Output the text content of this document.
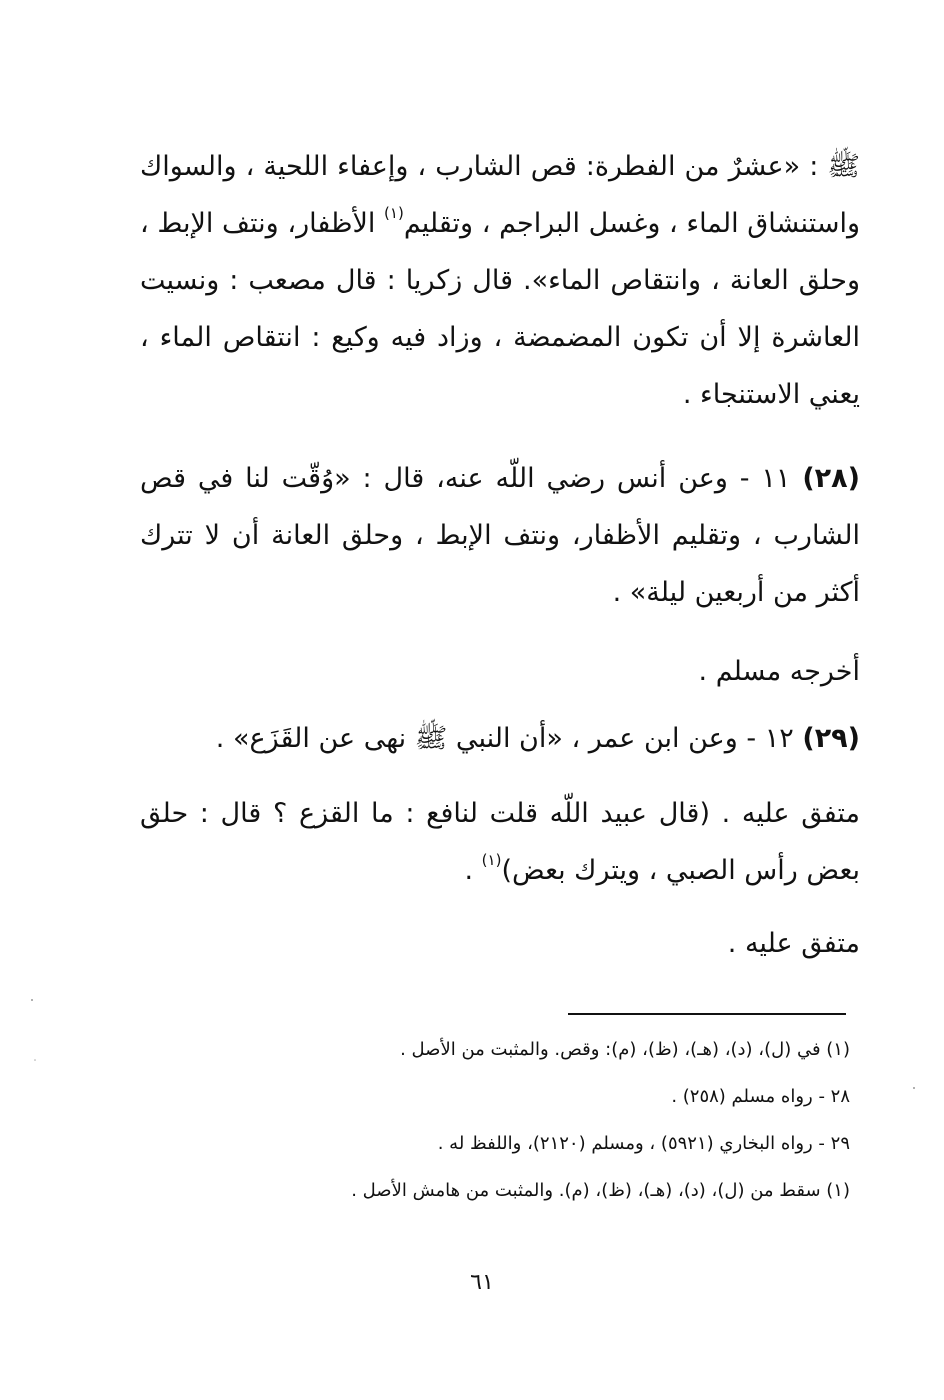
ﷺ : «عشرٌ من الفطرة: قص الشارب ، وإعفاء اللحية ، والسواك واستنشاق الماء ، وغسل البراجم ، وتقليم$^{(١)}$ الأظفار، ونتف الإبط ، وحلق العانة ، وانتقاص الماء». قال زكريا : قال مصعب : ونسيت العاشرة إلا أن تكون المضمضة ، وزاد فيه وكيع : انتقاص الماء ، يعني الاستنجاء .

(٢٨) ١١ - وعن أنس رضي اللّه عنه، قال : «وُقّت لنا في قص الشارب ، وتقليم الأظفار، ونتف الإبط ، وحلق العانة أن لا تترك أكثر من أربعين ليلة» .

أخرجه مسلم .

(٢٩) ١٢ - وعن ابن عمر ، «أن النبي ﷺ نهى عن القَزَع» .

متفق عليه . (قال عبيد اللّه قلت لنافع : ما القزع ؟ قال : حلق بعض رأس الصبي ، ويترك بعض)$^{(١)}$ .

متفق عليه .

(١) في (ل)، (د)، (هـ)، (ظ)، (م): وقص. والمثبت من الأصل .
٢٨ - رواه مسلم (٢٥٨) .
٢٩ - رواه البخاري (٥٩٢١) ، ومسلم (٢١٢٠)، واللفظ له .
(١) سقط من (ل)، (د)، (هـ)، (ظ)، (م). والمثبت من هامش الأصل .
٦١
